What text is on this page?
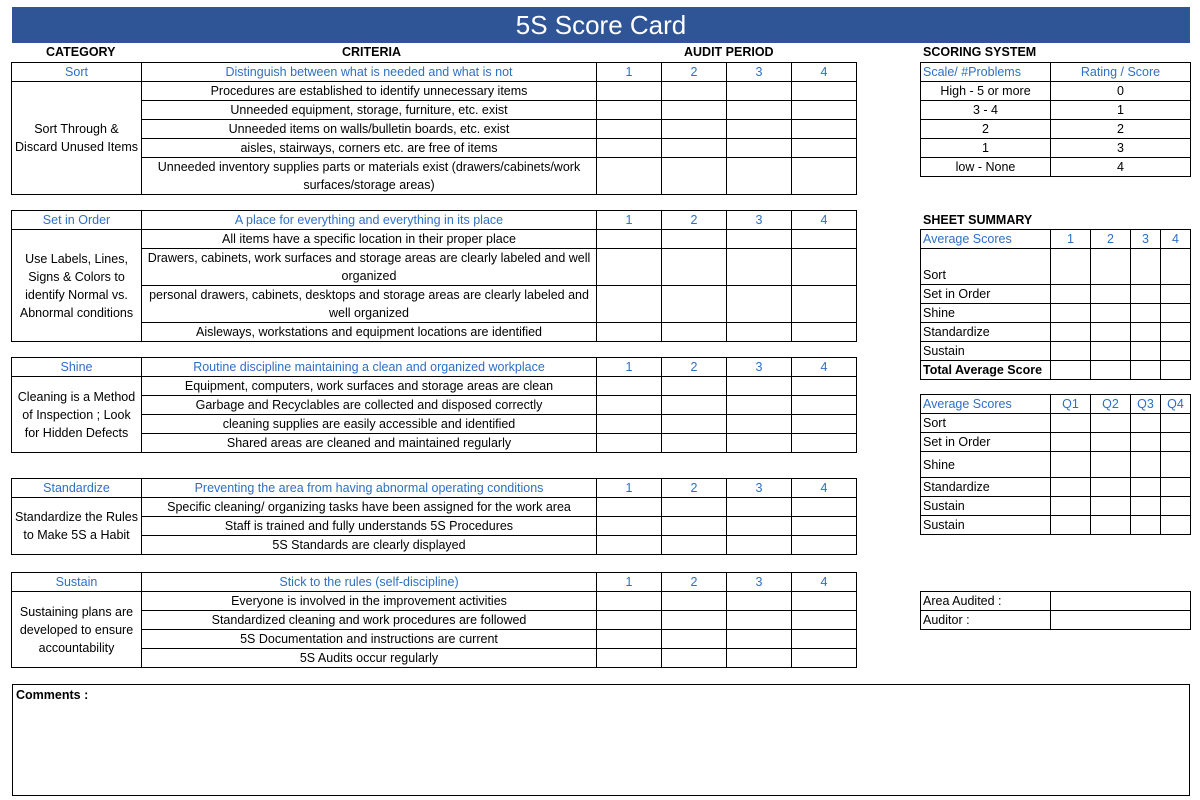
5S Score Card
CATEGORY	CRITERIA	AUDIT PERIOD	SCORING SYSTEM
SHEET SUMMARY
Sort	Distinguish between what is needed and what is not	1	2	3	4
Sort Through & Discard Unused Items	Procedures are established to identify unnecessary items				
	Unneeded equipment, storage, furniture, etc. exist				
	Unneeded items on walls/bulletin boards, etc. exist				
	aisles, stairways, corners etc. are free of items				
	Unneeded inventory supplies parts or materials exist (drawers/cabinets/work surfaces/storage areas)				
Set in Order	A place for everything and everything in its place	1	2	3	4
Use Labels, Lines, Signs & Colors to identify Normal vs. Abnormal conditions	All items have a specific location in their proper place				
	Drawers, cabinets, work surfaces and storage areas are clearly labeled and well organized				
	personal drawers, cabinets, desktops and storage areas are clearly labeled and well organized				
	Aisleways, workstations and equipment locations are identified				
Shine	Routine discipline maintaining a clean and organized workplace	1	2	3	4
Cleaning is a Method of Inspection ; Look for Hidden Defects	Equipment, computers, work surfaces and storage areas are clean				
	Garbage and Recyclables are collected and disposed correctly				
	cleaning supplies are easily accessible and identified				
	Shared areas are cleaned and maintained regularly				
Standardize	Preventing the area from having abnormal operating conditions	1	2	3	4
Standardize the Rules to Make 5S a Habit	Specific cleaning/ organizing tasks have been assigned for the work area				
	Staff is trained and fully understands 5S Procedures				
	5S Standards are clearly displayed				
Sustain	Stick to the rules (self-discipline)	1	2	3	4
Sustaining plans are developed to ensure accountability	Everyone is involved in the improvement activities				
	Standardized cleaning and work procedures are followed				
	5S Documentation and instructions are current				
	5S Audits occur regularly				
Scale/ #Problems	Rating / Score
High - 5 or more	0
3 - 4	1
2	2
1	3
low - None	4
Average Scores	1	2	3	4
Sort				
Set in Order				
Shine				
Standardize				
Sustain				
Total Average Score				
Average Scores	Q1	Q2	Q3	Q4
Sort				
Set in Order				
Shine				
Standardize				
Sustain				
Sustain				
Area Audited :	
Auditor :	
Comments :
